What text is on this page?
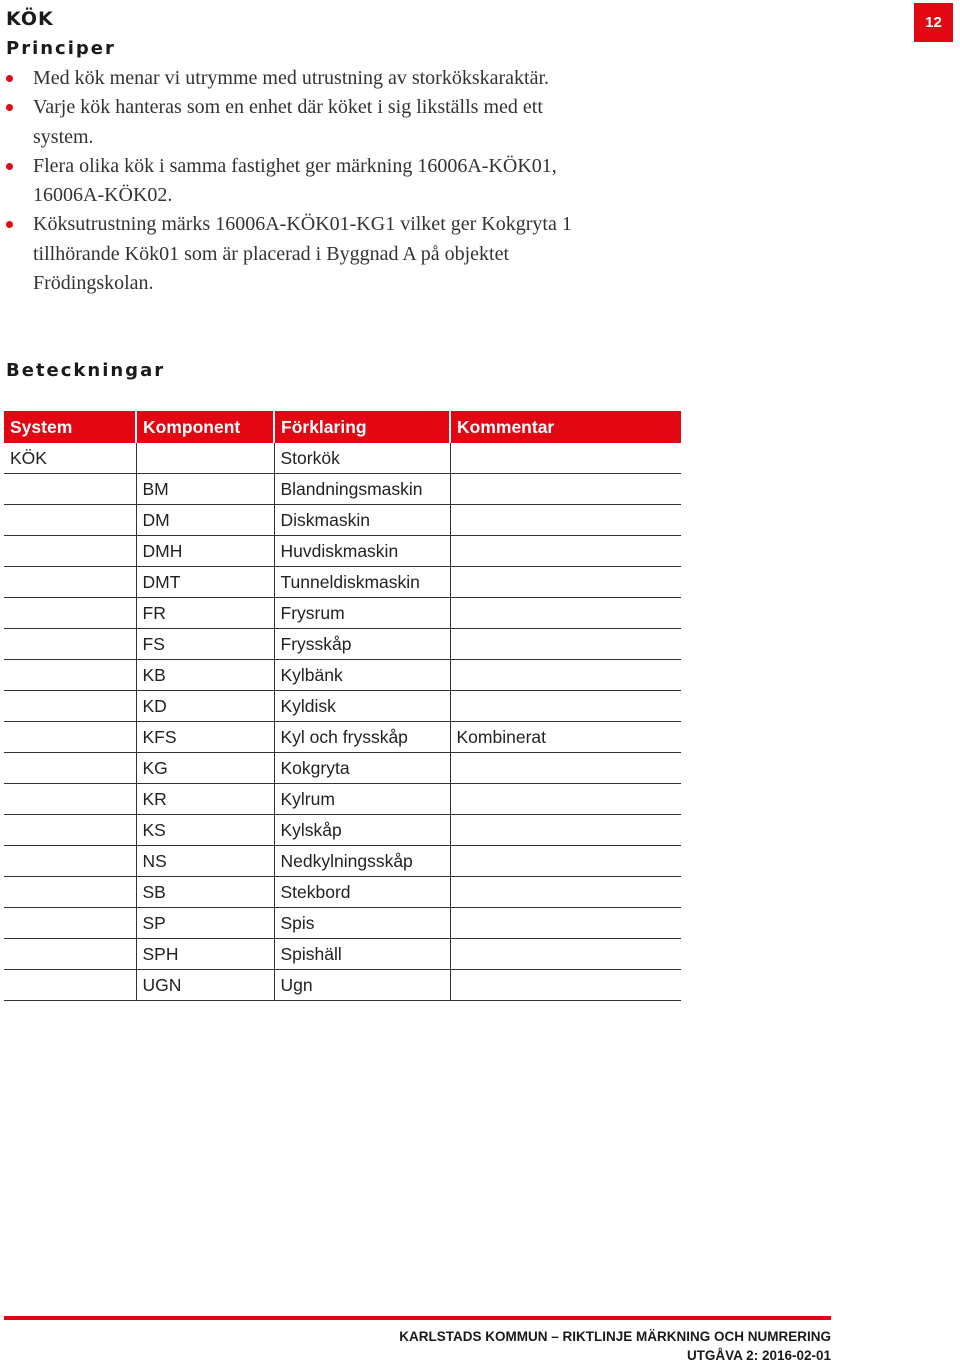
12
KÖK
Principer
Med kök menar vi utrymme med utrustning av storkökskaraktär.
Varje kök hanteras som en enhet där köket i sig likställs med ett system.
Flera olika kök i samma fastighet ger märkning 16006A-KÖK01, 16006A-KÖK02.
Köksutrustning märks 16006A-KÖK01-KG1 vilket ger Kokgryta 1 tillhörande Kök01 som är placerad i Byggnad A på objektet Frödingskolan.
Beteckningar
System	Komponent	Förklaring	Kommentar
KÖK		Storkök	
	BM	Blandningsmaskin	
	DM	Diskmaskin	
	DMH	Huvdiskmaskin	
	DMT	Tunneldiskmaskin	
	FR	Frysrum	
	FS	Frysskåp	
	KB	Kylbänk	
	KD	Kyldisk	
	KFS	Kyl och frysskåp	Kombinerat
	KG	Kokgryta	
	KR	Kylrum	
	KS	Kylskåp	
	NS	Nedkylningsskåp	
	SB	Stekbord	
	SP	Spis	
	SPH	Spishäll	
	UGN	Ugn	
KARLSTADS KOMMUN – RIKTLINJE MÄRKNING OCH NUMRERING
UTGÅVA 2: 2016-02-01
